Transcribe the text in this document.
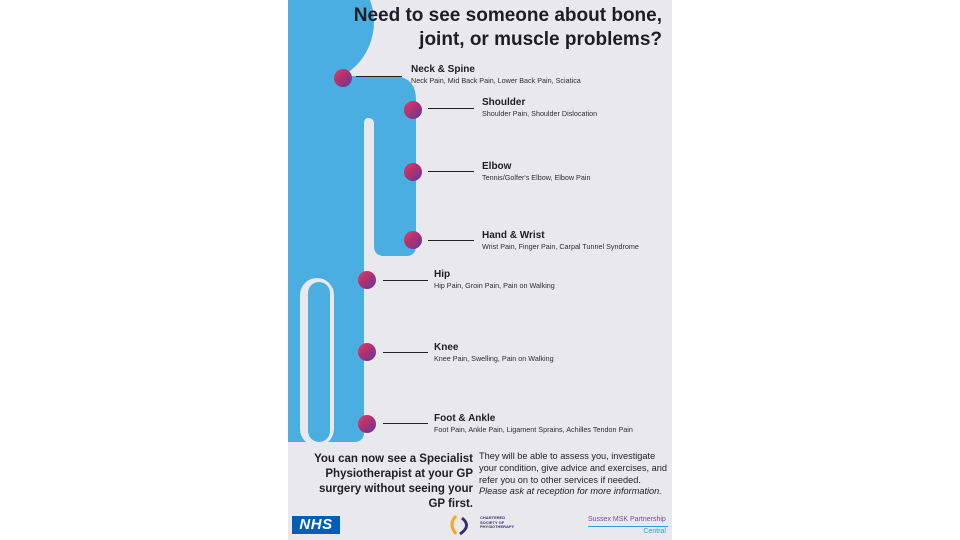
Need to see someone about bone, joint, or muscle problems?
Neck & Spine
Neck Pain, Mid Back Pain, Lower Back Pain, Sciatica
Shoulder
Shoulder Pain, Shoulder Dislocation
Elbow
Tennis/Golfer's Elbow, Elbow Pain
Hand & Wrist
Wrist Pain, Finger Pain, Carpal Tunnel Syndrome
Hip
Hip Pain, Groin Pain, Pain on Walking
Knee
Knee Pain, Swelling, Pain on Walking
Foot & Ankle
Foot Pain, Ankle Pain, Ligament Sprains, Achilles Tendon Pain
You can now see a Specialist Physiotherapist at your GP surgery without seeing your GP first.
They will be able to assess you, investigate your condition, give advice and exercises, and refer you on to other services if needed. Please ask at reception for more information.
NHS	CHARTERED SOCIETY OF PHYSIOTHERAPY
Sussex MSK Partnership
Central
